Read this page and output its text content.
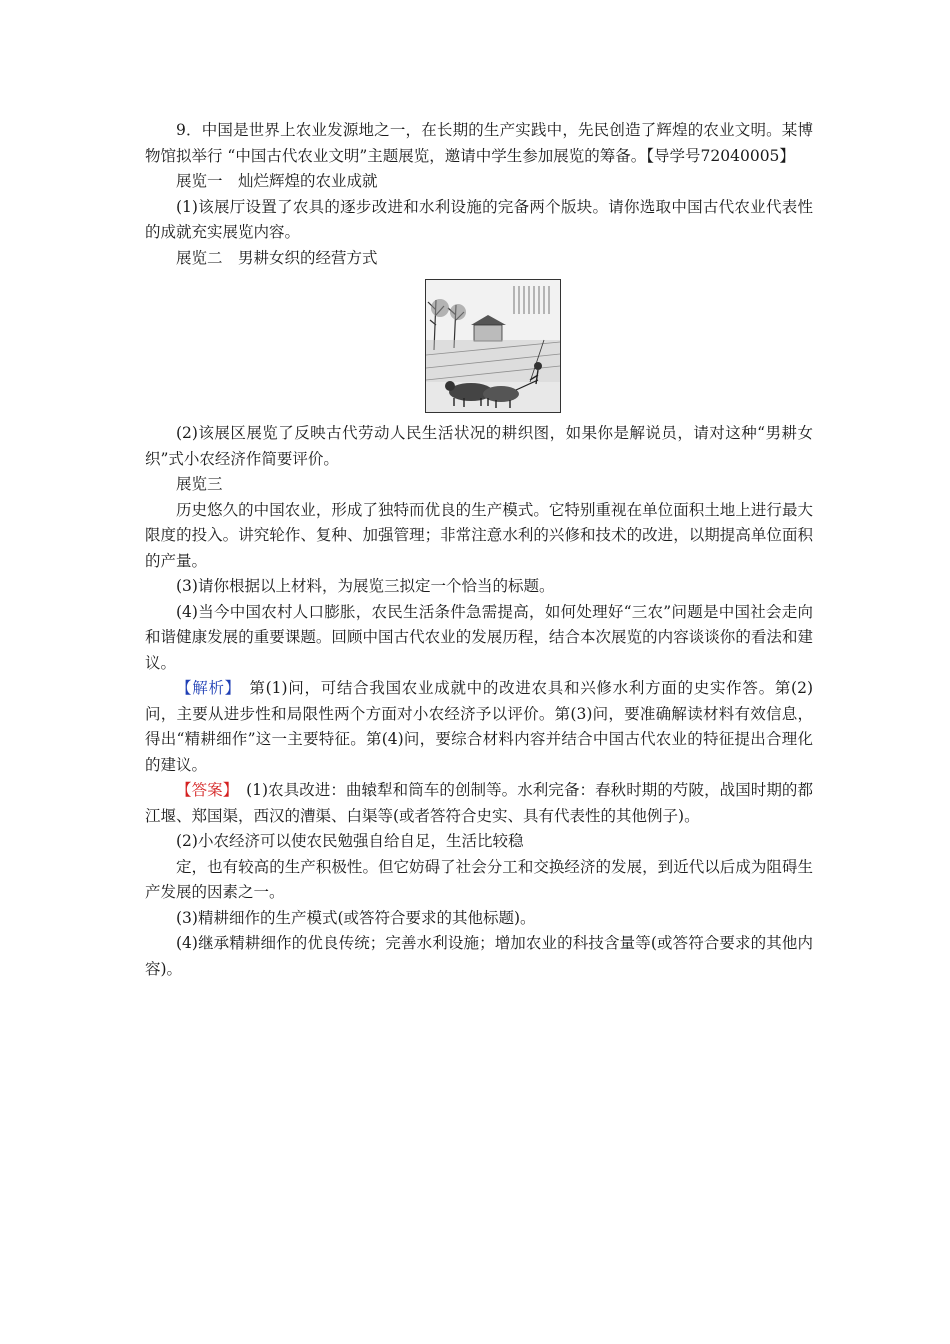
9．中国是世界上农业发源地之一，在长期的生产实践中，先民创造了辉煌的农业文明。某博物馆拟举行 “中国古代农业文明”主题展览，邀请中学生参加展览的筹备。【导学号72040005】

展览一　灿烂辉煌的农业成就

(1)该展厅设置了农具的逐步改进和水利设施的完备两个版块。请你选取中国古代农业代表性的成就充实展览内容。

展览二　男耕女织的经营方式

(2)该展区展览了反映古代劳动人民生活状况的耕织图，如果你是解说员，请对这种“男耕女织”式小农经济作简要评价。

展览三

历史悠久的中国农业，形成了独特而优良的生产模式。它特别重视在单位面积土地上进行最大限度的投入。讲究轮作、复种、加强管理；非常注意水利的兴修和技术的改进，以期提高单位面积的产量。

(3)请你根据以上材料，为展览三拟定一个恰当的标题。

(4)当今中国农村人口膨胀，农民生活条件急需提高，如何处理好“三农”问题是中国社会走向和谐健康发展的重要课题。回顾中国古代农业的发展历程，结合本次展览的内容谈谈你的看法和建议。

【解析】　第(1)问，可结合我国农业成就中的改进农具和兴修水利方面的史实作答。第(2)问，主要从进步性和局限性两个方面对小农经济予以评价。第(3)问，要准确解读材料有效信息，得出“精耕细作”这一主要特征。第(4)问，要综合材料内容并结合中国古代农业的特征提出合理化的建议。

【答案】　(1)农具改进：曲辕犁和筒车的创制等。水利完备：春秋时期的芍陂，战国时期的都江堰、郑国渠，西汉的漕渠、白渠等(或者答符合史实、具有代表性的其他例子)。

(2)小农经济可以使农民勉强自给自足，生活比较稳

定，也有较高的生产积极性。但它妨碍了社会分工和交换经济的发展，到近代以后成为阻碍生产发展的因素之一。

(3)精耕细作的生产模式(或答符合要求的其他标题)。

(4)继承精耕细作的优良传统；完善水利设施；增加农业的科技含量等(或答符合要求的其他内容)。
